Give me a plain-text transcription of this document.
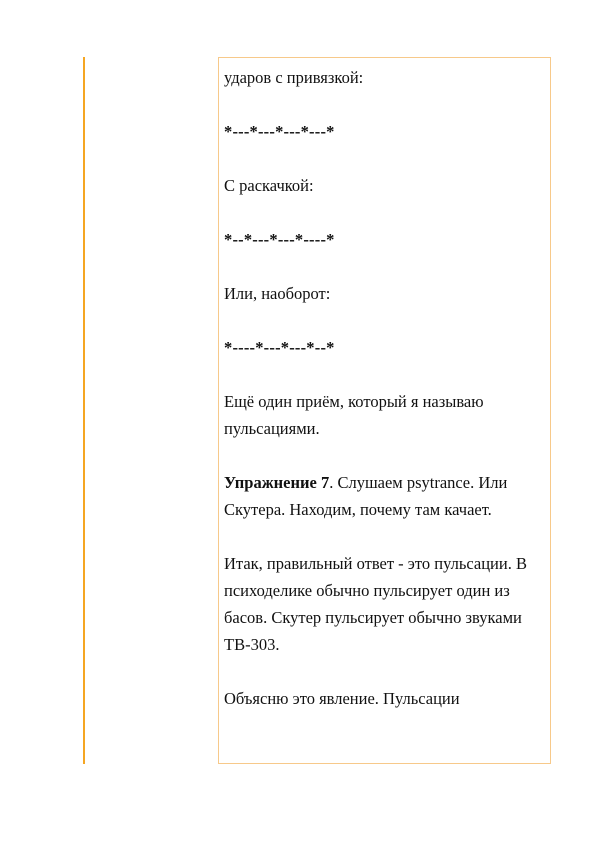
ударов с привязкой:

*---*---*---*---*

С раскачкой:

*--*---*---*----*

Или, наоборот:

*----*---*---*--*

Ещё один приём, который я называю пульсациями.

Упражнение 7. Слушаем psytrance. Или Скутера. Находим, почему там качает.

Итак, правильный ответ - это пульсации. В психоделике обычно пульсирует один из басов. Скутер пульсирует обычно звуками TB-303.

Объясню это явление. Пульсации
